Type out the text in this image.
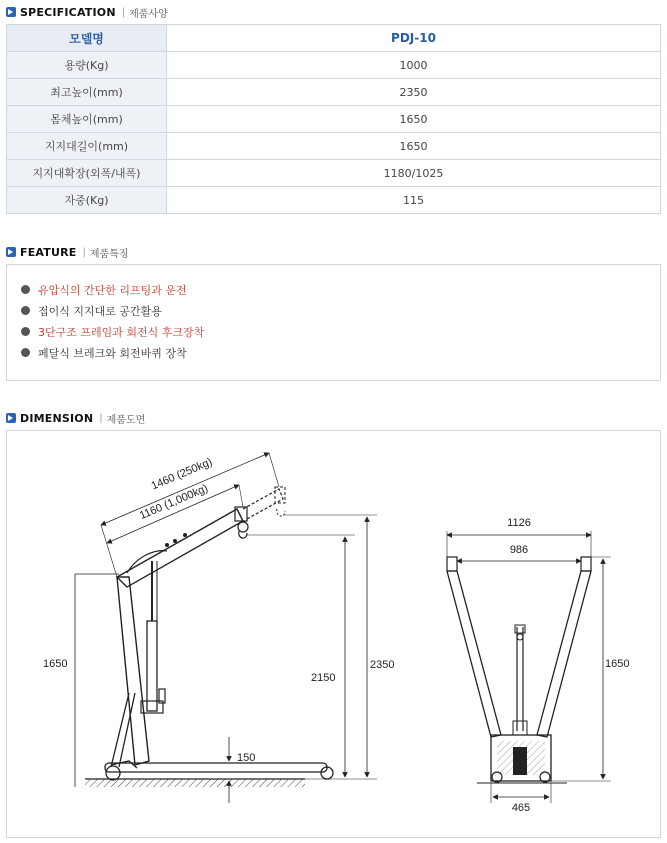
SPECIFICATION | 제품사양
모델명	PDJ-10
용량(Kg)	1000
최고높이(mm)	2350
몸체높이(mm)	1650
지지대길이(mm)	1650
지지대확장(외폭/내폭)	1180/1025
자중(Kg)	115
FEATURE | 제품특징
유압식의 간단한 리프팅과 운전
접이식 지지대로 공간활용
3단구조 프레임과 회전식 후크장착
페달식 브레크와 회전바퀴 장착
DIMENSION | 제품도면
1460 (250kg)
1160 (1,000kg)
2150
2350
1650
150
1126
986
1650
465
